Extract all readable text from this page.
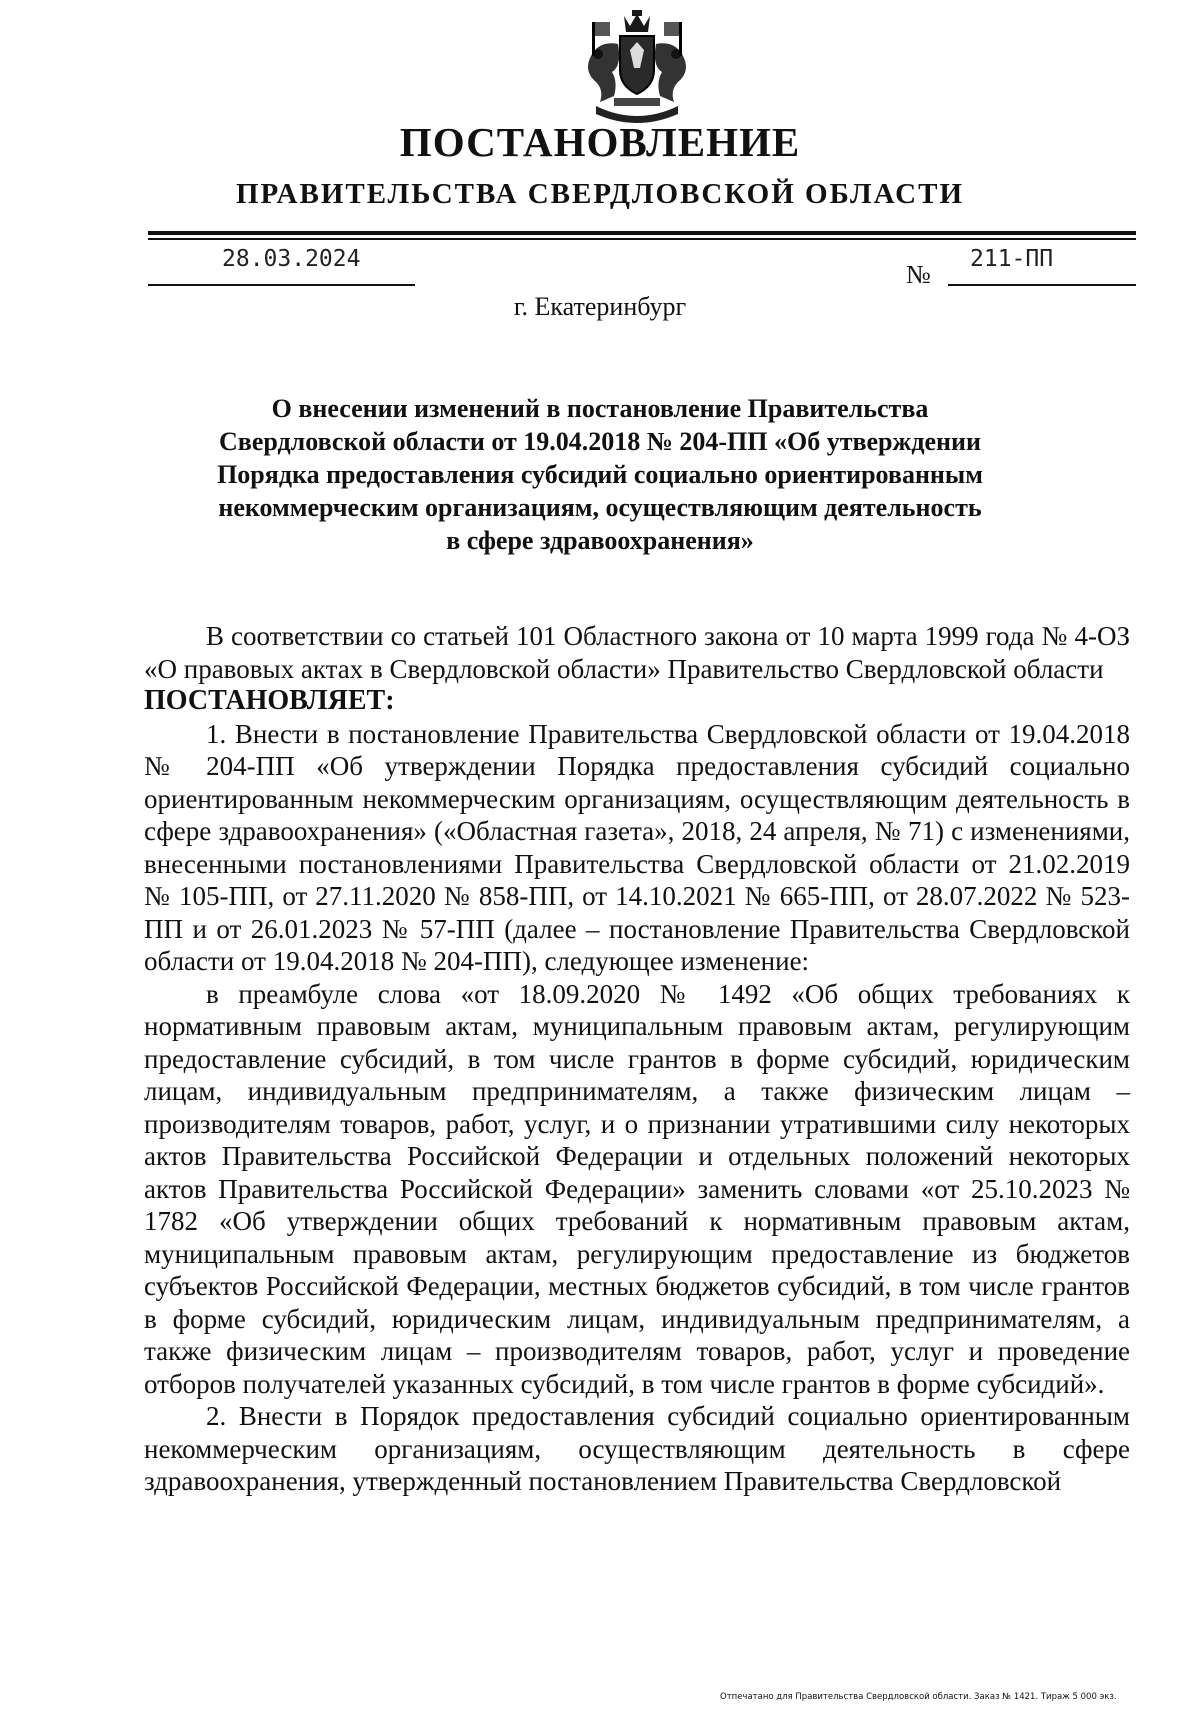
ПОСТАНОВЛЕНИЕ
ПРАВИТЕЛЬСТВА СВЕРДЛОВСКОЙ ОБЛАСТИ
28.03.2024
№
211-ПП
г. Екатеринбург
О внесении изменений в постановление Правительства
Свердловской области от 19.04.2018 № 204-ПП «Об утверждении
Порядка предоставления субсидий социально ориентированным
некоммерческим организациям, осуществляющим деятельность
в сфере здравоохранения»

В соответствии со статьей 101 Областного закона от 10 марта 1999 года № 4-ОЗ «О правовых актах в Свердловской области» Правительство Свердловской области

ПОСТАНОВЛЯЕТ:

1. Внести в постановление Правительства Свердловской области от 19.04.2018 № 204-ПП «Об утверждении Порядка предоставления субсидий социально ориентированным некоммерческим организациям, осуществляющим деятельность в сфере здравоохранения» («Областная газета», 2018, 24 апреля, № 71) с изменениями, внесенными постановлениями Правительства Свердловской области от 21.02.2019 № 105-ПП, от 27.11.2020 № 858-ПП, от 14.10.2021 № 665-ПП, от 28.07.2022 № 523-ПП и от 26.01.2023 № 57-ПП (далее – постановление Правительства Свердловской области от 19.04.2018 № 204-ПП), следующее изменение:

в преамбуле слова «от 18.09.2020 № 1492 «Об общих требованиях к нормативным правовым актам, муниципальным правовым актам, регулирующим предоставление субсидий, в том числе грантов в форме субсидий, юридическим лицам, индивидуальным предпринимателям, а также физическим лицам – производителям товаров, работ, услуг, и о признании утратившими силу некоторых актов Правительства Российской Федерации и отдельных положений некоторых актов Правительства Российской Федерации» заменить словами «от 25.10.2023 № 1782 «Об утверждении общих требований к нормативным правовым актам, муниципальным правовым актам, регулирующим предоставление из бюджетов субъектов Российской Федерации, местных бюджетов субсидий, в том числе грантов в форме субсидий, юридическим лицам, индивидуальным предпринимателям, а также физическим лицам – производителям товаров, работ, услуг и проведение отборов получателей указанных субсидий, в том числе грантов в форме субсидий».

2. Внести в Порядок предоставления субсидий социально ориентированным некоммерческим организациям, осуществляющим деятельность в сфере здравоохранения, утвержденный постановлением Правительства Свердловской

Отпечатано для Правительства Свердловской области. Заказ № 1421. Тираж 5 000 экз.
